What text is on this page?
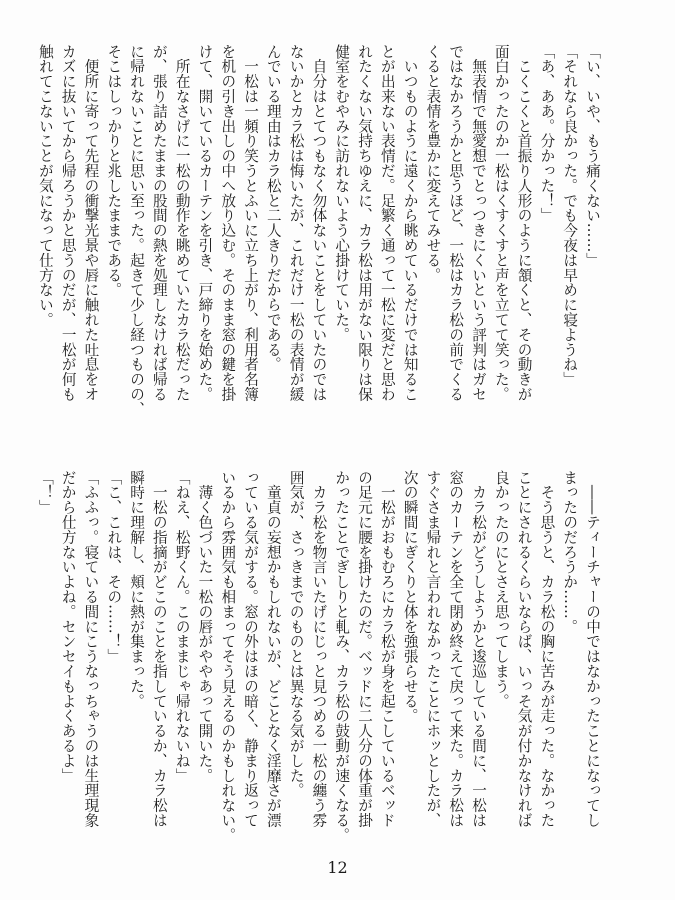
「い、いや、もう痛くない……」
「それなら良かった。でも今夜は早めに寝ようね」
「あ、ああ。分かった！」
　こくこくと首振り人形のように頷くと、その動きが
面白かったのか一松はくすくすと声を立てて笑った。
　無表情で無愛想でとっつきにくいという評判はガセ
ではなかろうかと思うほど、一松はカラ松の前でくる
くると表情を豊かに変えてみせる。
　いつものように遠くから眺めているだけでは知るこ
とが出来ない表情だ。足繁く通って一松に変だと思わ
れたくない気持ちゆえに、カラ松は用がない限りは保
健室をむやみに訪れないよう心掛けていた。
　自分はとてつもなく勿体ないことをしていたのでは
ないかとカラ松は悔いたが、これだけ一松の表情が緩
んでいる理由はカラ松と二人きりだからである。
　一松は一頻り笑うとふいに立ち上がり、利用者名簿
を机の引き出しの中へ放り込む。そのまま窓の鍵を掛
けて、開いているカーテンを引き、戸締りを始めた。
　所在なさげに一松の動作を眺めていたカラ松だった
が、張り詰めたままの股間の熱を処理しなければ帰る
に帰れないことに思い至った。起きて少し経つものの、
そこはしっかりと兆したままである。
　便所に寄って先程の衝撃光景や唇に触れた吐息をオ
カズに抜いてから帰ろうかと思うのだが、一松が何も
触れてこないことが気になって仕方ない。
　――ティーチャーの中ではなかったことになってし
まったのだろうか……。
　そう思うと、カラ松の胸に苦みが走った。なかった
ことにされるくらいならば、いっそ気が付かなければ
良かったのにとさえ思ってしまう。
　カラ松がどうしようかと逡巡している間に、一松は
窓のカーテンを全て閉め終えて戻って来た。カラ松は
すぐさま帰れと言われなかったことにホッとしたが、
次の瞬間にぎくりと体を強張らせる。
　一松がおもむろにカラ松が身を起こしているベッド
の足元に腰を掛けたのだ。ベッドに二人分の体重が掛
かったことでぎしりと軋み、カラ松の鼓動が速くなる。
　カラ松を物言いたげにじっと見つめる一松の纏う雰
囲気が、さっきまでのものとは異なる気がした。
　童貞の妄想かもしれないが、どことなく淫靡さが漂
っている気がする。窓の外はほの暗く、静まり返って
いるから雰囲気も相まってそう見えるのかもしれない。
　薄く色づいた一松の唇がややあって開いた。
「ねえ、松野くん。このままじゃ帰れないね」
　一松の指摘がどこのことを指しているか、カラ松は
瞬時に理解し、頬に熱が集まった。
「こ、これは、その……！」
「ふふっ。寝ている間にこうなっちゃうのは生理現象
だから仕方ないよね。センセイもよくあるよ」
「！」
12
